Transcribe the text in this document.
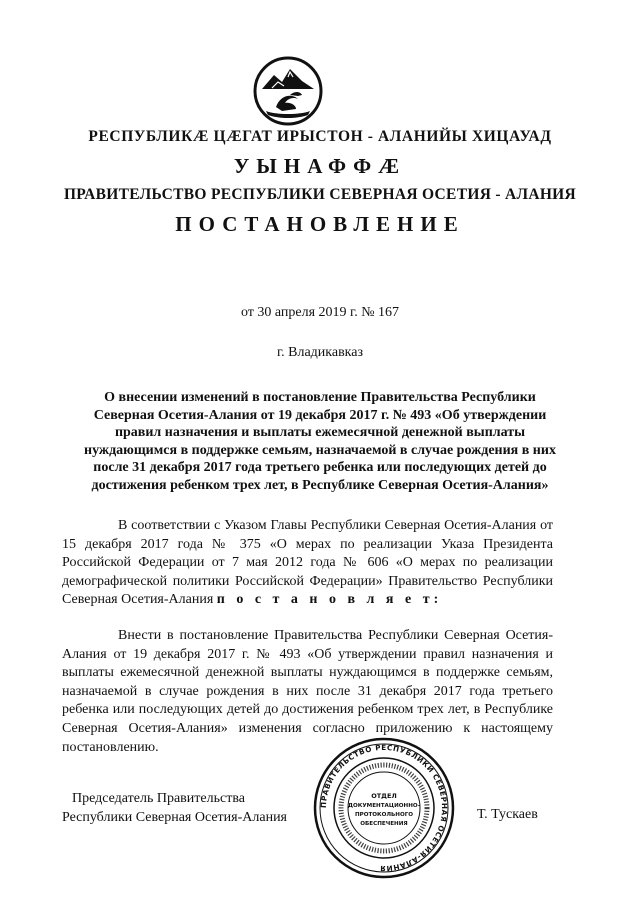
РЕСПУБЛИКӔ ЦӔГАТ ИРЫСТОН - АЛАНИЙЫ ХИЦАУАД
УЫНАФФӔ
ПРАВИТЕЛЬСТВО РЕСПУБЛИКИ СЕВЕРНАЯ ОСЕТИЯ - АЛАНИЯ
ПОСТАНОВЛЕНИЕ
от 30 апреля 2019 г. № 167
г. Владикавказ
О внесении изменений в постановление Правительства Республики Северная Осетия-Алания от 19 декабря 2017 г. № 493 «Об утверждении правил назначения и выплаты ежемесячной денежной выплаты нуждающимся в поддержке семьям, назначаемой в случае рождения в них после 31 декабря 2017 года третьего ребенка или последующих детей до достижения ребенком трех лет, в Республике Северная Осетия-Алания»
В соответствии с Указом Главы Республики Северная Осетия-Алания от 15 декабря 2017 года № 375 «О мерах по реализации Указа Президента Российской Федерации от 7 мая 2012 года № 606 «О мерах по реализации демографической политики Российской Федерации» Правительство Республики Северная Осетия-Алания п о с т а н о в л я е т:
Внести в постановление Правительства Республики Северная Осетия-Алания от 19 декабря 2017 г. № 493 «Об утверждении правил назначения и выплаты ежемесячной денежной выплаты нуждающимся в поддержке семьям, назначаемой в случае рождения в них после 31 декабря 2017 года третьего ребенка или последующих детей до достижения ребенком трех лет, в Республике Северная Осетия-Алания» изменения согласно приложению к настоящему постановлению.
Председатель Правительства
Республики Северная Осетия-Алания	Т. Тускаев
ПРАВИТЕЛЬСТВО РЕСПУБЛИКИ СЕВЕРНАЯ ОСЕТИЯ-АЛАНИЯ
ОТДЕЛ
ДОКУМЕНТАЦИОННО-
ПРОТОКОЛЬНОГО
ОБЕСПЕЧЕНИЯ
